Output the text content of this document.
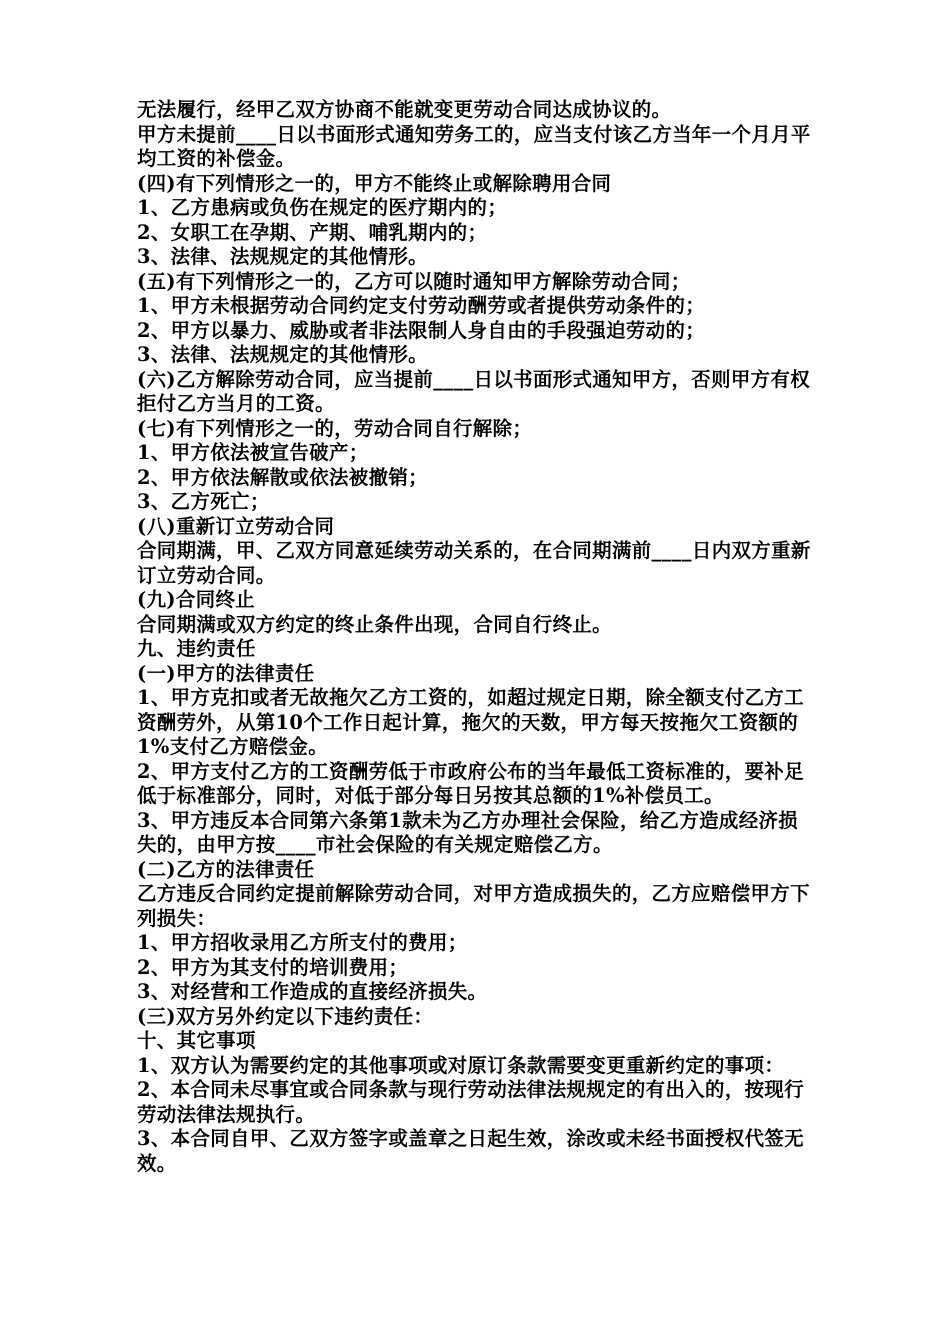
无法履行，经甲乙双方协商不能就变更劳动合同达成协议的。

甲方未提前____日以书面形式通知劳务工的，应当支付该乙方当年一个月月平均工资的补偿金。

(四)有下列情形之一的，甲方不能终止或解除聘用合同

1、乙方患病或负伤在规定的医疗期内的；

2、女职工在孕期、产期、哺乳期内的；

3、法律、法规规定的其他情形。

(五)有下列情形之一的，乙方可以随时通知甲方解除劳动合同；

1、甲方未根据劳动合同约定支付劳动酬劳或者提供劳动条件的；

2、甲方以暴力、威胁或者非法限制人身自由的手段强迫劳动的；

3、法律、法规规定的其他情形。

(六)乙方解除劳动合同，应当提前____日以书面形式通知甲方，否则甲方有权拒付乙方当月的工资。

(七)有下列情形之一的，劳动合同自行解除；

1、甲方依法被宣告破产；

2、甲方依法解散或依法被撤销；

3、乙方死亡；

(八)重新订立劳动合同

合同期满，甲、乙双方同意延续劳动关系的，在合同期满前____日内双方重新订立劳动合同。

(九)合同终止

合同期满或双方约定的终止条件出现，合同自行终止。

九、违约责任

(一)甲方的法律责任

1、甲方克扣或者无故拖欠乙方工资的，如超过规定日期，除全额支付乙方工资酬劳外，从第10个工作日起计算，拖欠的天数，甲方每天按拖欠工资额的1%支付乙方赔偿金。

2、甲方支付乙方的工资酬劳低于市政府公布的当年最低工资标准的，要补足低于标准部分，同时，对低于部分每日另按其总额的1%补偿员工。

3、甲方违反本合同第六条第1款未为乙方办理社会保险，给乙方造成经济损失的，由甲方按____市社会保险的有关规定赔偿乙方。

(二)乙方的法律责任

乙方违反合同约定提前解除劳动合同，对甲方造成损失的，乙方应赔偿甲方下列损失：

1、甲方招收录用乙方所支付的费用；

2、甲方为其支付的培训费用；

3、对经营和工作造成的直接经济损失。

(三)双方另外约定以下违约责任：

十、其它事项

1、双方认为需要约定的其他事项或对原订条款需要变更重新约定的事项：

2、本合同未尽事宜或合同条款与现行劳动法律法规规定的有出入的，按现行劳动法律法规执行。

3、本合同自甲、乙双方签字或盖章之日起生效，涂改或未经书面授权代签无效。
